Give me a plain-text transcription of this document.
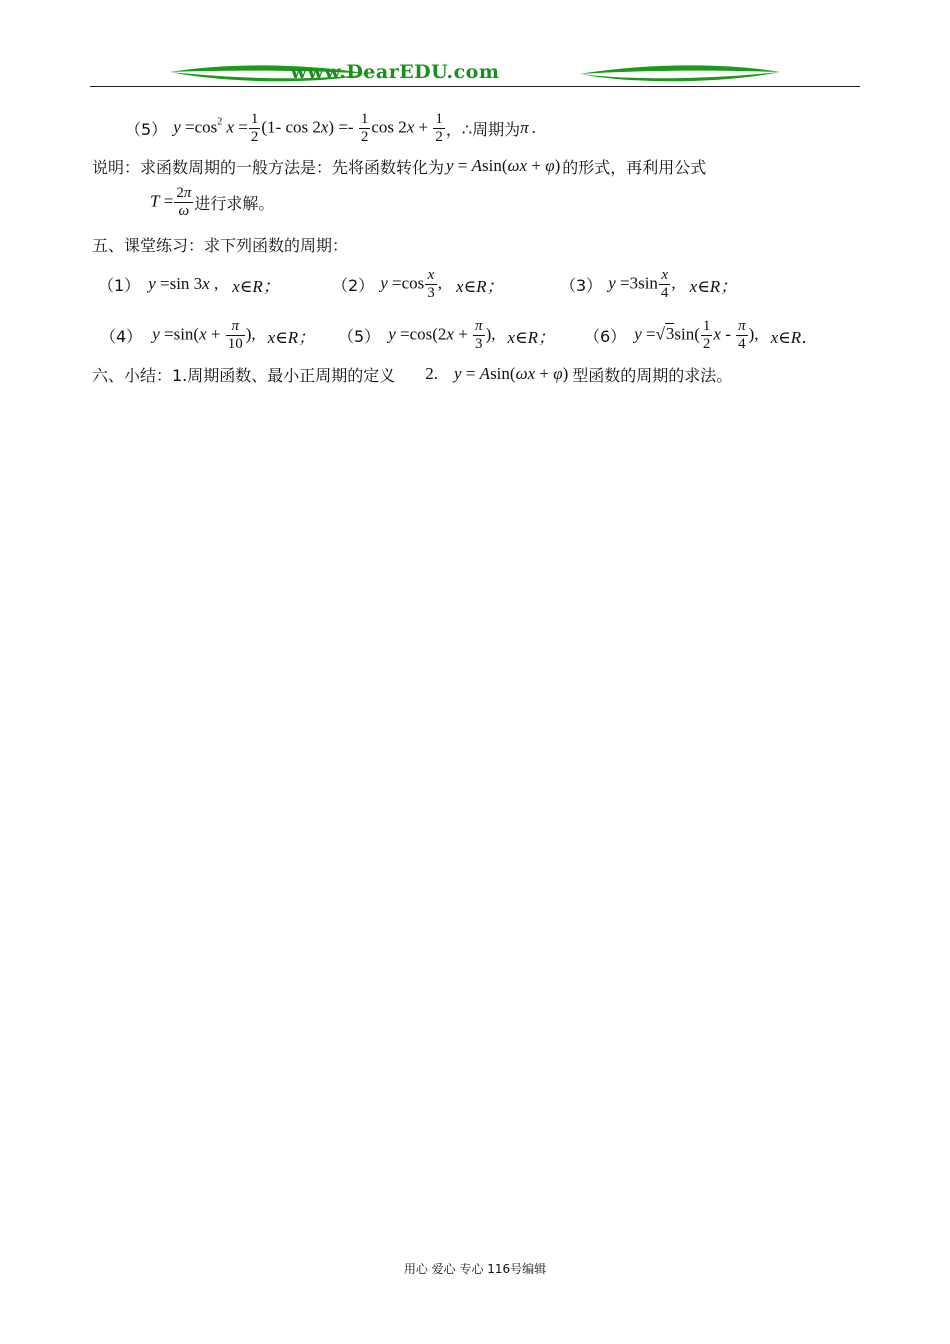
www.DearEDU.com
（5） $y =\cos^2$ $x = \frac{1}{2} (1-$ $\cos 2x) =- \frac{1}{2}$ $\cos 2x + \frac{1}{2}$ ，∴周期为 π .
说明：求函数周期的一般方法是：先将函数转化为 y = Asin(ωx + φ) 的形式，再利用公式
$T = \frac{2\pi}{\omega}$ 进行求解。
五、课堂练习：求下列函数的周期：
（1） y =sin 3x , x∈R；	（2） $y =\cos \frac{x}{3}$ , x∈R；	（3） $y =3\sin \frac{x}{4}$ , x∈R；
（4） $y =\sin(x + \frac{\pi}{10}$ ), x∈R； （5） $y =\cos(2x + \frac{\pi}{3}$ ), x∈R； （6） $y =√3\sin( \frac{1}{2}$ x - $\frac{\pi}{4}$ ), x∈R．
六、小结：1.周期函数、最小正周期的定义 2. y = Asin(ωx + φ) 型函数的周期的求法。
用心 爱心 专心 116号编辑
